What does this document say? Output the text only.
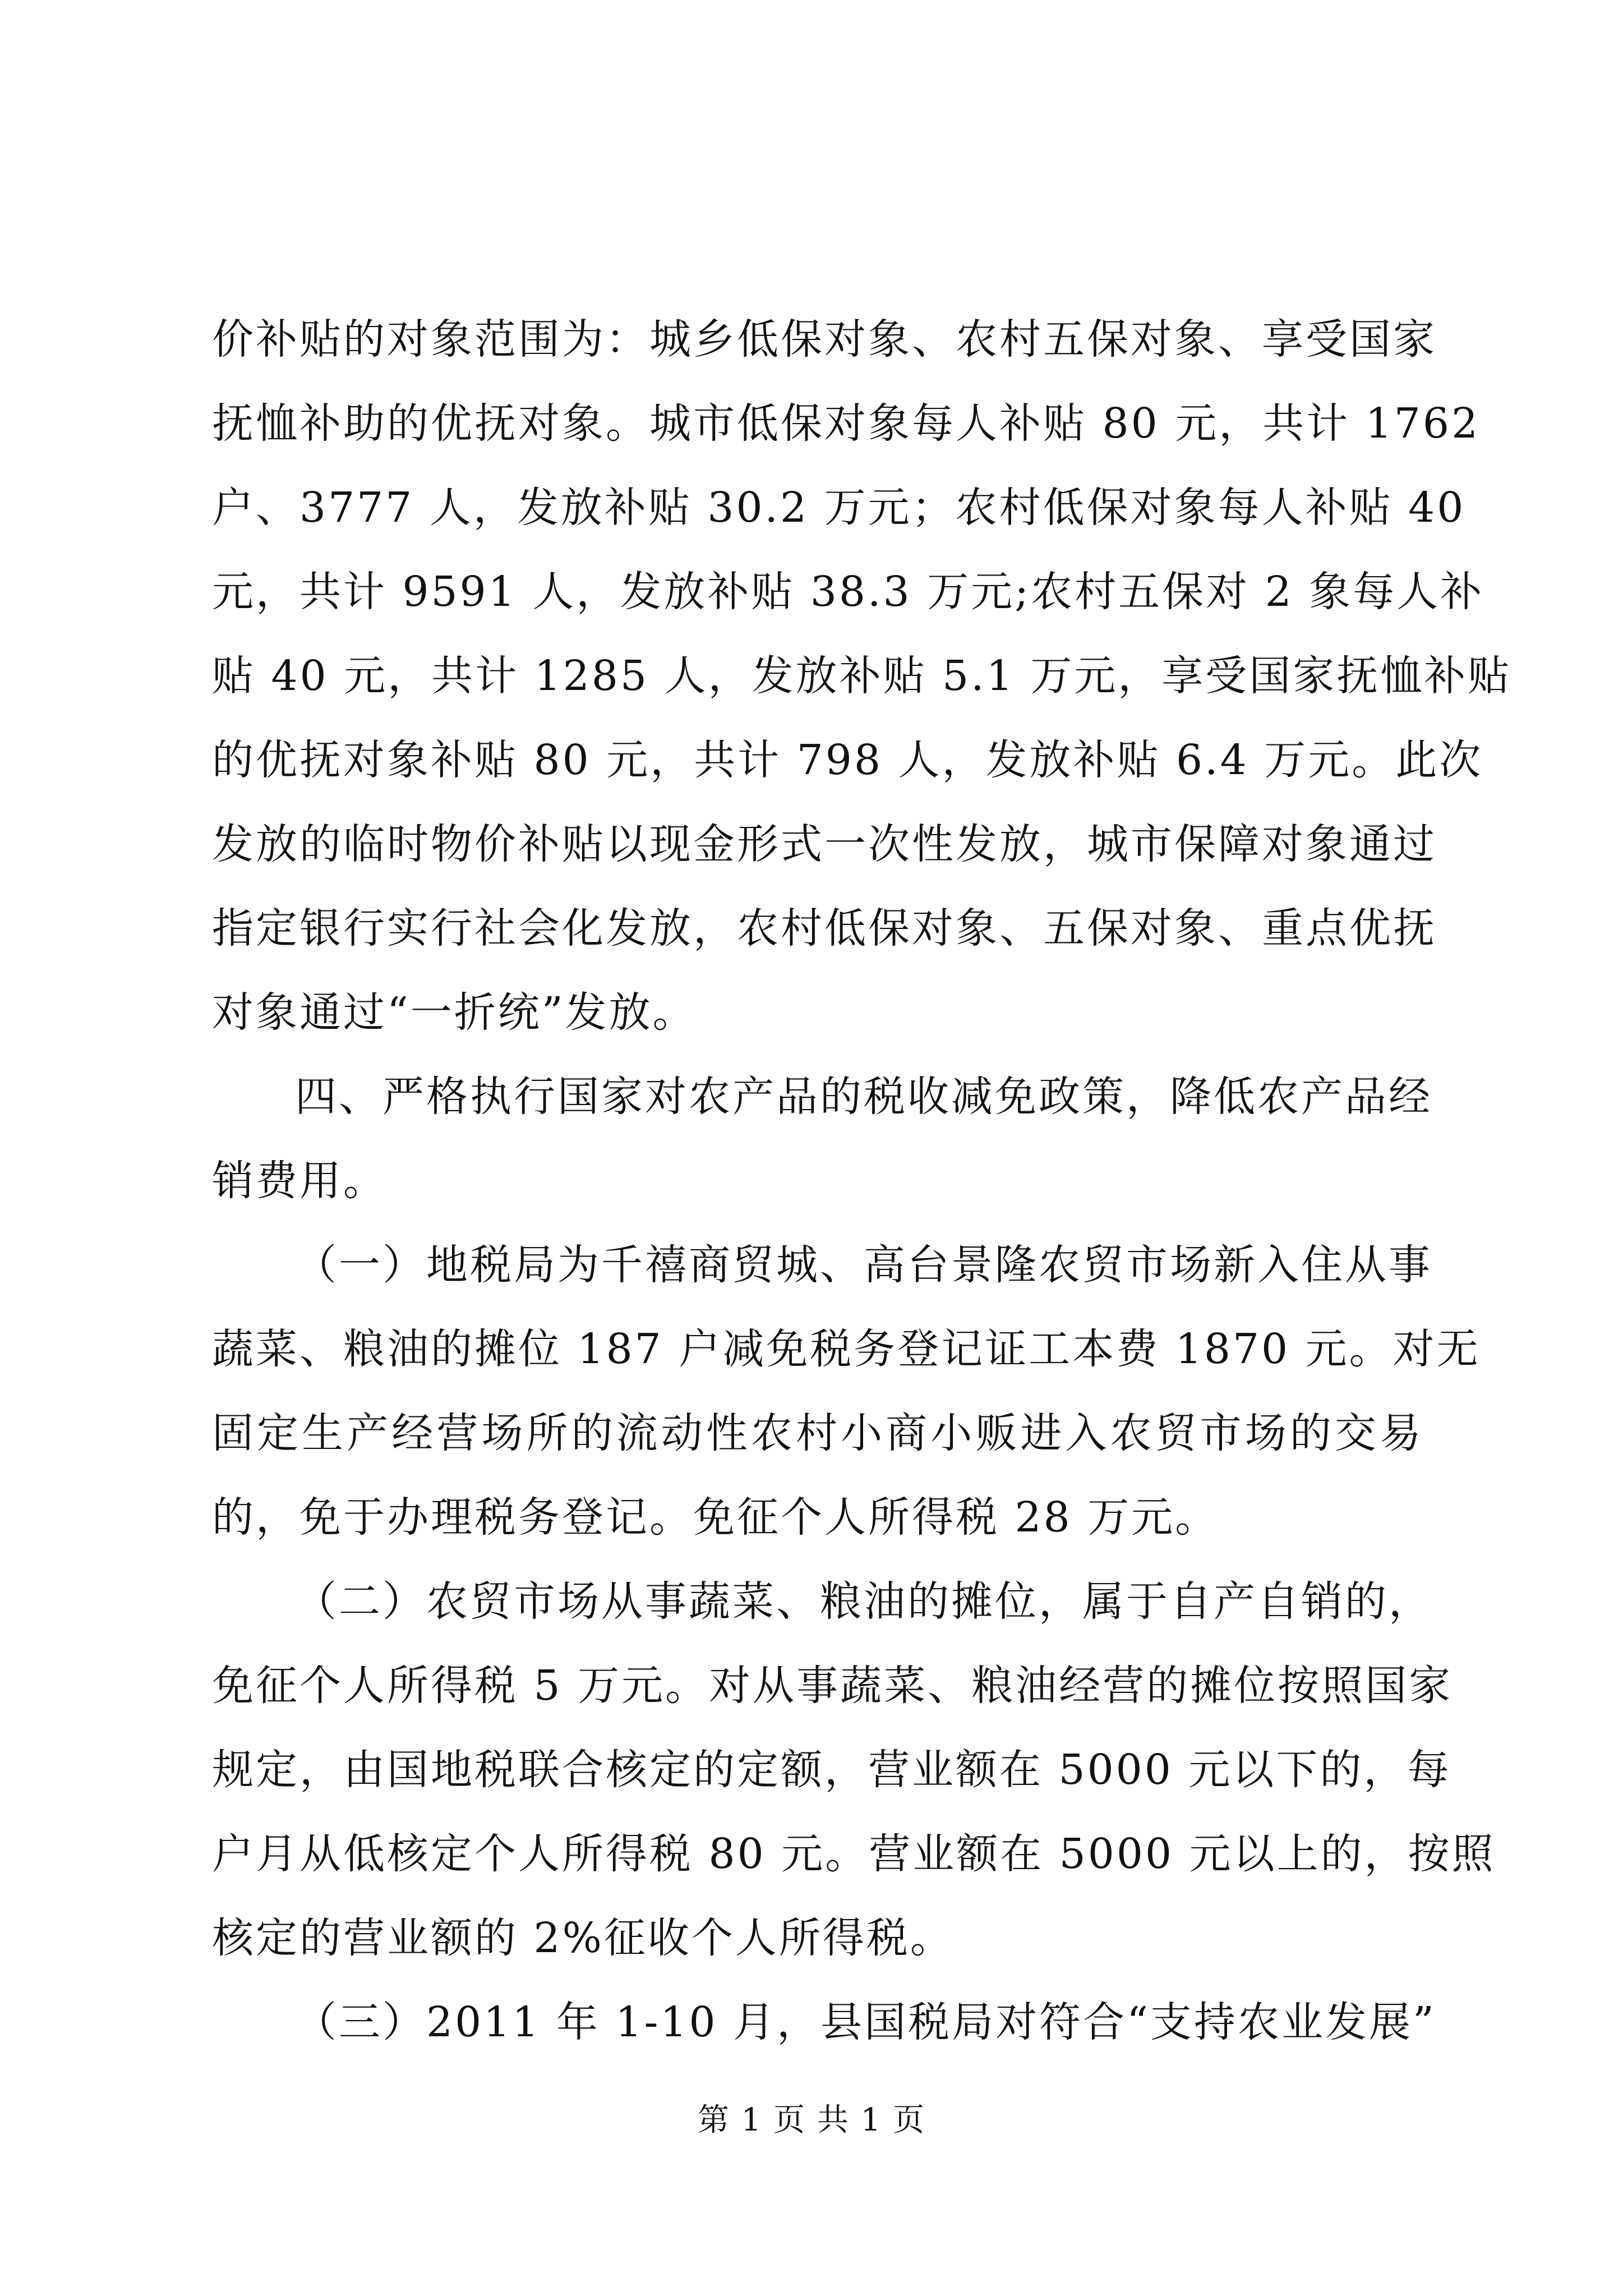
价补贴的对象范围为：城乡低保对象、农村五保对象、享受国家
抚恤补助的优抚对象。城市低保对象每人补贴 80 元，共计 1762
户、3777 人，发放补贴 30.2 万元；农村低保对象每人补贴 40
元，共计 9591 人，发放补贴 38.3 万元;农村五保对 2 象每人补
贴 40 元，共计 1285 人，发放补贴 5.1 万元，享受国家抚恤补贴
的优抚对象补贴 80 元，共计 798 人，发放补贴 6.4 万元。此次
发放的临时物价补贴以现金形式一次性发放，城市保障对象通过
指定银行实行社会化发放，农村低保对象、五保对象、重点优抚
对象通过“一折统”发放。
四、严格执行国家对农产品的税收减免政策，降低农产品经
销费用。
（一）地税局为千禧商贸城、高台景隆农贸市场新入住从事
蔬菜、粮油的摊位 187 户减免税务登记证工本费 1870 元。对无
固定生产经营场所的流动性农村小商小贩进入农贸市场的交易
的，免于办理税务登记。免征个人所得税 28 万元。
（二）农贸市场从事蔬菜、粮油的摊位，属于自产自销的，
免征个人所得税 5 万元。对从事蔬菜、粮油经营的摊位按照国家
规定，由国地税联合核定的定额，营业额在 5000 元以下的，每
户月从低核定个人所得税 80 元。营业额在 5000 元以上的，按照
核定的营业额的 2%征收个人所得税。
（三）2011 年 1-10 月，县国税局对符合“支持农业发展”
第 1 页 共 1 页
